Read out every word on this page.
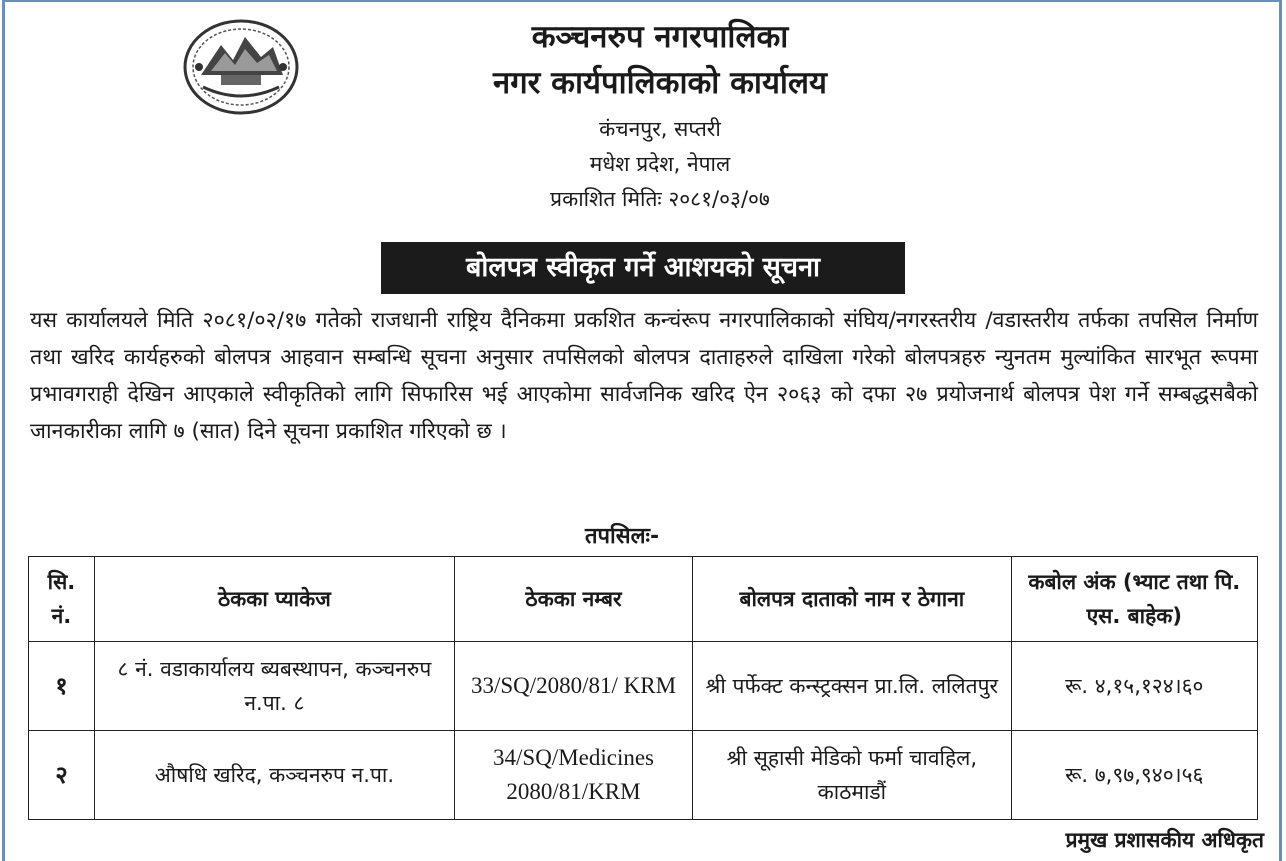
कञ्चनरुप नगरपालिका
नगर कार्यपालिकाको कार्यालय
कंचनपुर, सप्तरी
मधेश प्रदेश, नेपाल
प्रकाशित मितिः २०८१/०३/०७
बोलपत्र स्वीकृत गर्ने आशयको सूचना
यस कार्यालयले मिति २०८१/०२/१७ गतेको राजधानी राष्ट्रिय दैनिकमा प्रकशित कन्चंरूप नगरपालिकाको संघिय/नगरस्तरीय /वडास्तरीय तर्फका तपसिल निर्माण तथा खरिद कार्यहरुको बोलपत्र आहवान सम्बन्धि सूचना अनुसार तपसिलको बोलपत्र दाताहरुले दाखिला गरेको बोलपत्रहरु न्युनतम मुल्यांकित सारभूत रूपमा प्रभावगराही देखिन आएकाले स्वीकृतिको लागि सिफारिस भई आएकोमा सार्वजनिक खरिद ऐन २०६३ को दफा २७ प्रयोजनार्थ बोलपत्र पेश गर्ने सम्बद्धसबैको जानकारीका लागि ७ (सात) दिने सूचना प्रकाशित गरिएको छ ।
तपसिलः-
सि. नं.	ठेकका प्याकेज	ठेकका नम्बर	बोलपत्र दाताको नाम र ठेगाना	कबोल अंक (भ्याट तथा पि. एस. बाहेक)
१	८ नं. वडाकार्यालय ब्यबस्थापन, कञ्चनरुप न.पा. ८	33/SQ/2080/81/ KRM	श्री पर्फेक्ट कन्स्ट्रक्सन प्रा.लि. ललितपुर	रू. ४,१५,१२४।६०
२	औषधि खरिद, कञ्चनरुप न.पा.	34/SQ/Medicines 2080/81/KRM	श्री सूहासी मेडिको फर्मा चावहिल, काठमाडौं	रू. ७,९७,९४०।५६
प्रमुख प्रशासकीय अधिकृत
